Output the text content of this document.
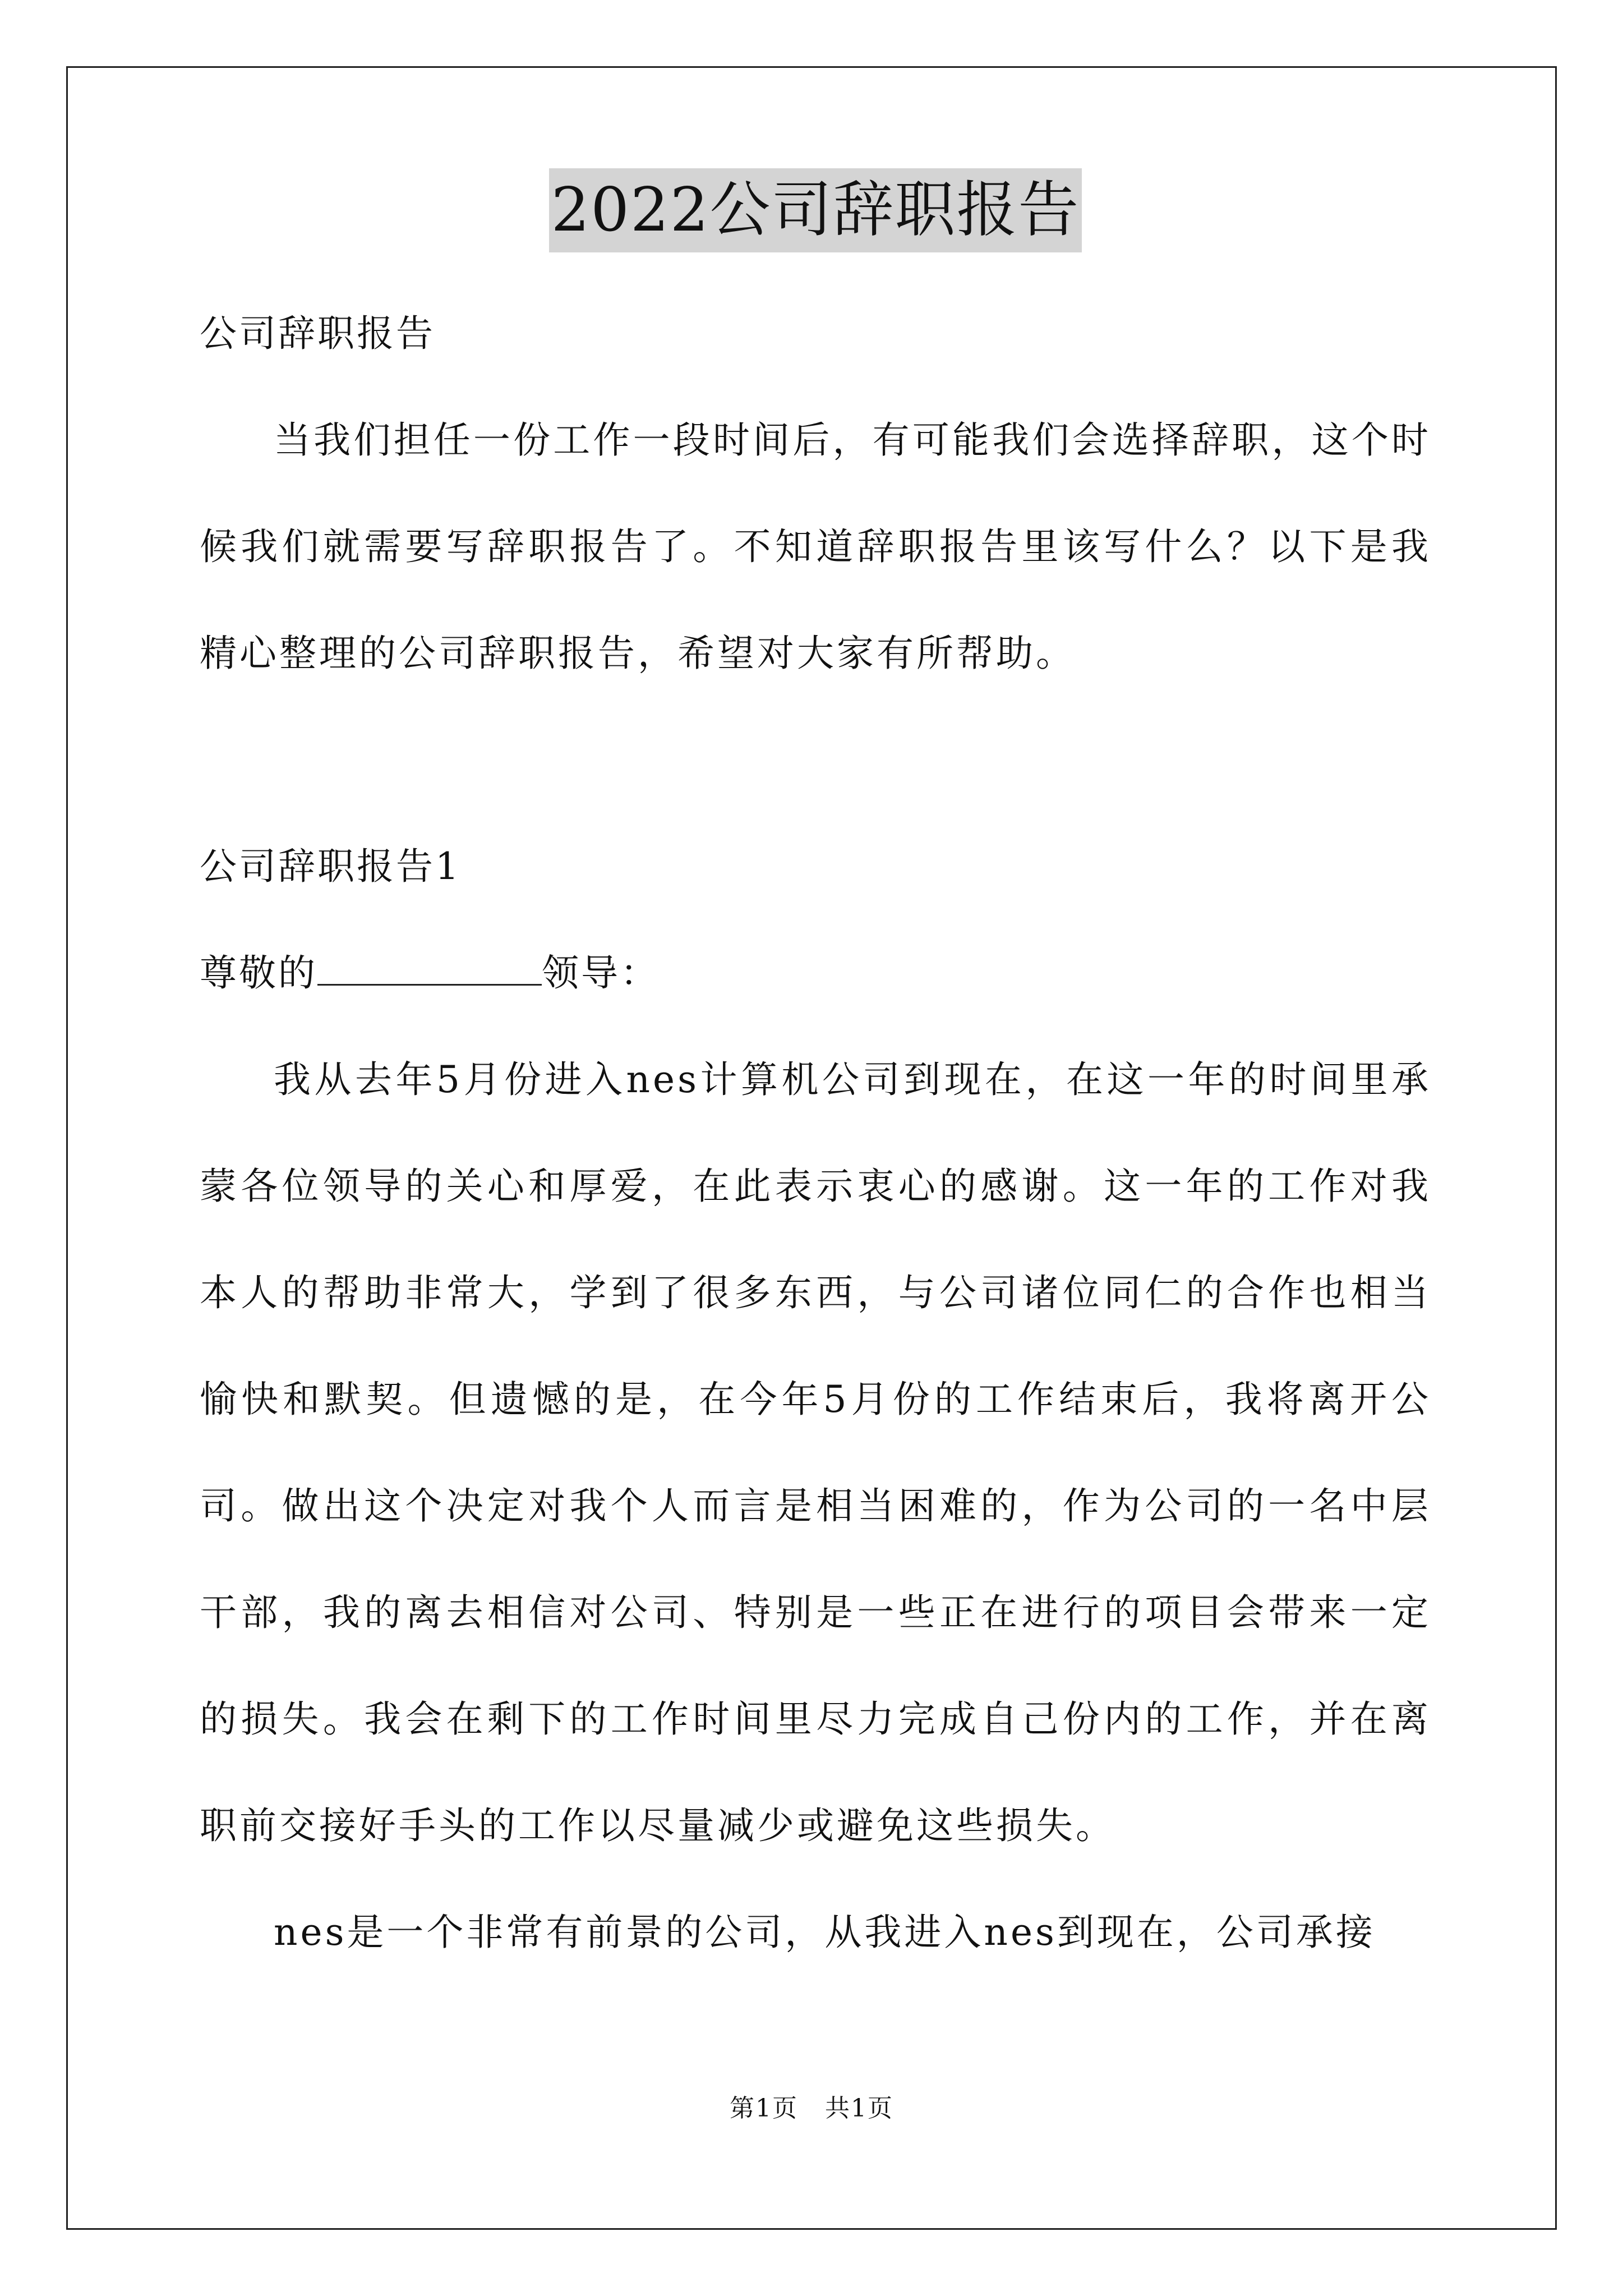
2022公司辞职报告

公司辞职报告

当我们担任一份工作一段时间后，有可能我们会选择辞职，这个时候我们就需要写辞职报告了。不知道辞职报告里该写什么？以下是我精心整理的公司辞职报告，希望对大家有所帮助。

公司辞职报告1

尊敬的	领导：

我从去年5月份进入nes计算机公司到现在，在这一年的时间里承蒙各位领导的关心和厚爱，在此表示衷心的感谢。这一年的工作对我本人的帮助非常大，学到了很多东西，与公司诸位同仁的合作也相当愉快和默契。但遗憾的是，在今年5月份的工作结束后，我将离开公司。做出这个决定对我个人而言是相当困难的，作为公司的一名中层干部，我的离去相信对公司、特别是一些正在进行的项目会带来一定的损失。我会在剩下的工作时间里尽力完成自己份内的工作，并在离职前交接好手头的工作以尽量减少或避免这些损失。

nes是一个非常有前景的公司，从我进入nes到现在，公司承接

第1页 共1页
